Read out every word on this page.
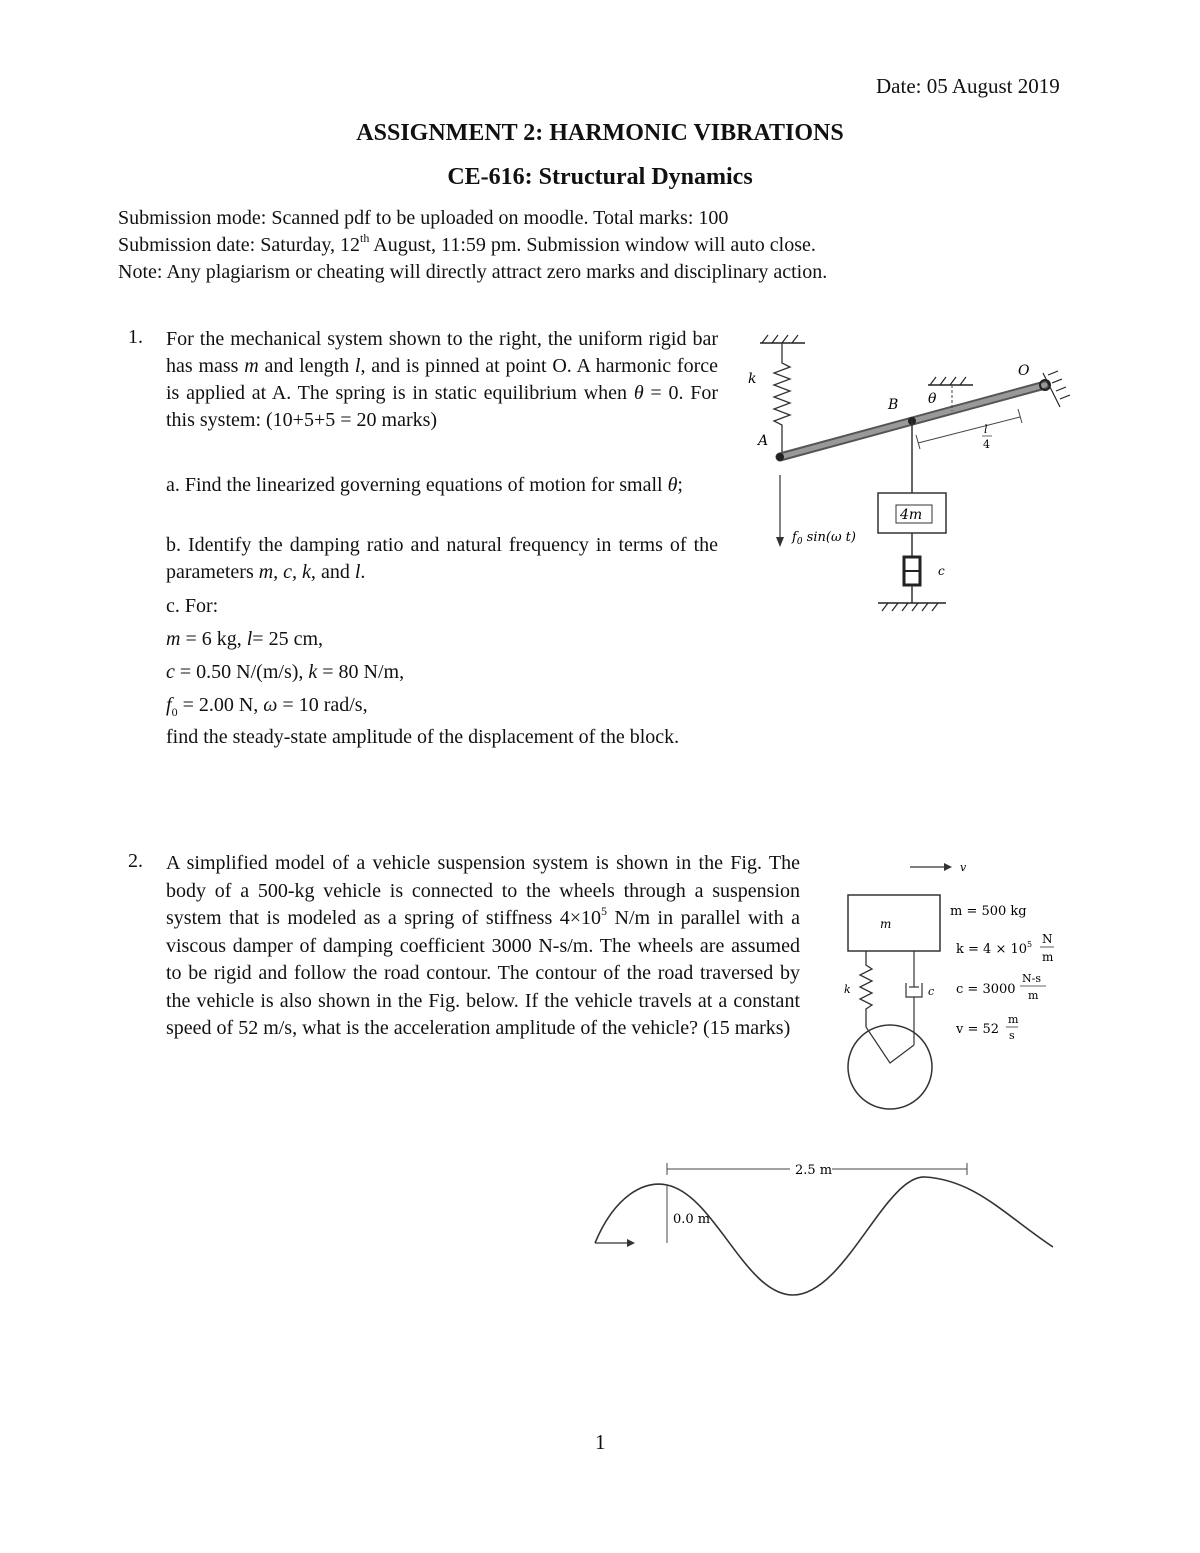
Date: 05 August 2019
ASSIGNMENT 2: HARMONIC VIBRATIONS
CE-616: Structural Dynamics
Submission mode: Scanned pdf to be uploaded on moodle. Total marks: 100
Submission date: Saturday, 12th August, 11:59 pm. Submission window will auto close.
Note: Any plagiarism or cheating will directly attract zero marks and disciplinary action.
1. For the mechanical system shown to the right, the uniform rigid bar has mass m and length l, and is pinned at point O. A harmonic force is applied at A. The spring is in static equilibrium when θ = 0. For this system: (10+5+5 = 20 marks)
a. Find the linearized governing equations of motion for small θ;
b. Identify the damping ratio and natural frequency in terms of the parameters m, c, k, and l.
c. For:
m = 6 kg, l= 25 cm,
c = 0.50 N/(m/s), k = 80 N/m,
$f_0 = 2.00$ N, ω = 10 rad/s,
find the steady-state amplitude of the displacement of the block.
k
A
B
O
θ
l
4
4m
c
$f_0$ sin(ω t)
2. A simplified model of a vehicle suspension system is shown in the Fig. The body of a 500-kg vehicle is connected to the wheels through a suspension system that is modeled as a spring of stiffness $4\times 10^5$ N/m in parallel with a viscous damper of damping coefficient 3000 N-s/m. The wheels are assumed to be rigid and follow the road contour. The contour of the road traversed by the vehicle is also shown in the Fig. below. If the vehicle travels at a constant speed of 52 m/s, what is the acceleration amplitude of the vehicle? (15 marks)
v
m
k	c
m = 500 kg
$k = 4 \times 10^5$ N
m
c = 3000
N-s
m
v = 52
m
s
2.5 m
0.0 m
1
